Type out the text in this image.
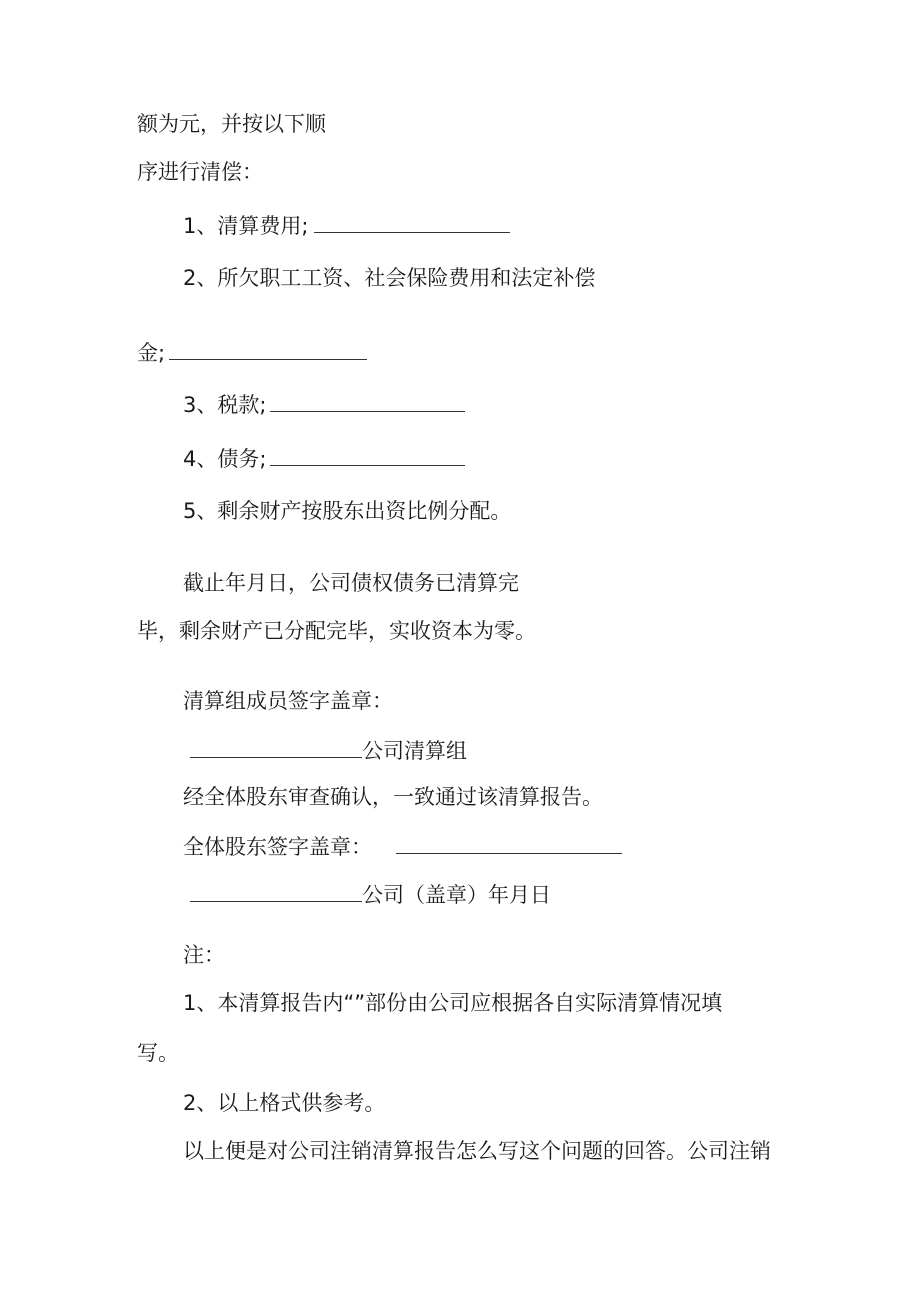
额为元，并按以下顺
序进行清偿：
1、清算费用;
2、所欠职工工资、社会保险费用和法定补偿
金;
3、税款;
4、债务;
5、剩余财产按股东出资比例分配。
截止年月日，公司债权债务已清算完
毕，剩余财产已分配完毕，实收资本为零。
清算组成员签字盖章：
公司清算组
经全体股东审查确认，一致通过该清算报告。
全体股东签字盖章：
公司（盖章）年月日
注：
1、本清算报告内“”部份由公司应根据各自实际清算情况填
写。
2、以上格式供参考。
以上便是对公司注销清算报告怎么写这个问题的回答。公司注销
